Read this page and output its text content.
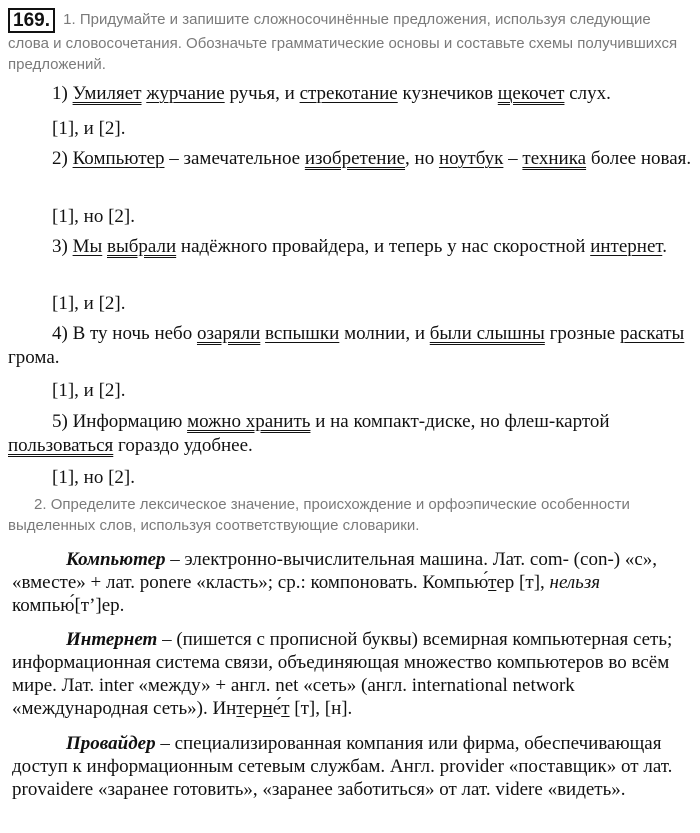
169. 1. Придумайте и запишите сложносочинённые предложения, используя следующие слова и словосочетания. Обозначьте грамматические основы и составьте схемы получившихся предложений.
1) Умиляет журчание ручья, и стрекотание кузнечиков щекочет слух.
[1], и [2].
2) Компьютер – замечательное изобретение, но ноутбук – техника более новая.
[1], но [2].
3) Мы выбрали надёжного провайдера, и теперь у нас скоростной интернет.
[1], и [2].
4) В ту ночь небо озаряли вспышки молнии, и были слышны грозные раскаты грома.
[1], и [2].
5) Информацию можно хранить и на компакт-диске, но флеш-картой пользоваться гораздо удобнее.
[1], но [2].
2. Определите лексическое значение, происхождение и орфоэпические особенности выделенных слов, используя соответствующие словарики.
Компьютер – электронно-вычислительная машина. Лат. com- (con-) «с», «вместе» + лат. ponere «класть»; ср.: компоновать. Компью́тер [т], нельзя компью́[т’]ер.
Интернет – (пишется с прописной буквы) всемирная компьютерная сеть; информационная система связи, объединяющая множество компьютеров во всём мире. Лат. inter «между» + англ. net «сеть» (англ. international network «международная сеть»). Интерне́т [т], [н].
Провайдер – специализированная компания или фирма, обеспечивающая доступ к информационным сетевым службам. Англ. provider «поставщик» от лат. provaidere «заранее готовить», «заранее заботиться» от лат. videre «видеть».
